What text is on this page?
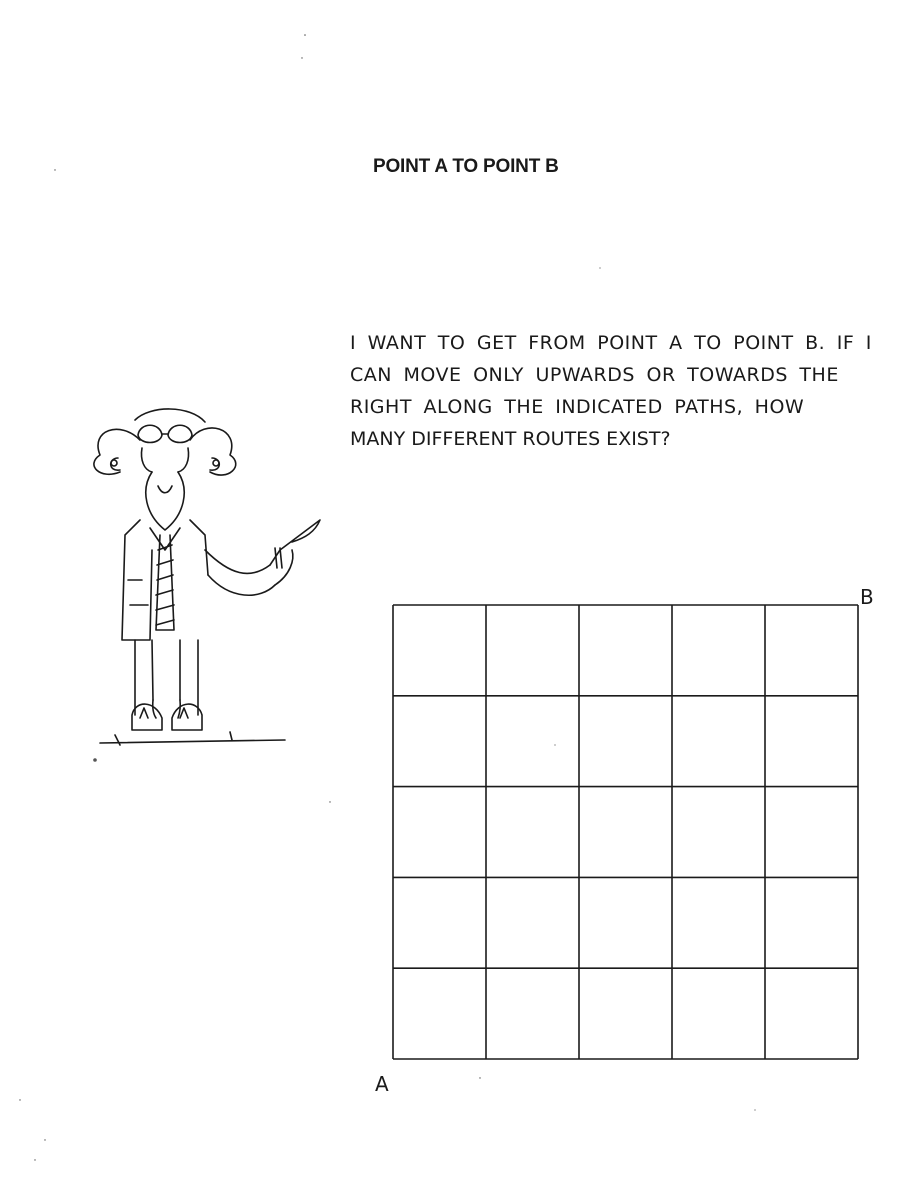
POINT A TO POINT B
I WANT TO GET FROM POINT A TO POINT B. IF I
CAN MOVE ONLY UPWARDS OR TOWARDS THE
RIGHT ALONG THE INDICATED PATHS, HOW
MANY DIFFERENT ROUTES EXIST?
B
A
